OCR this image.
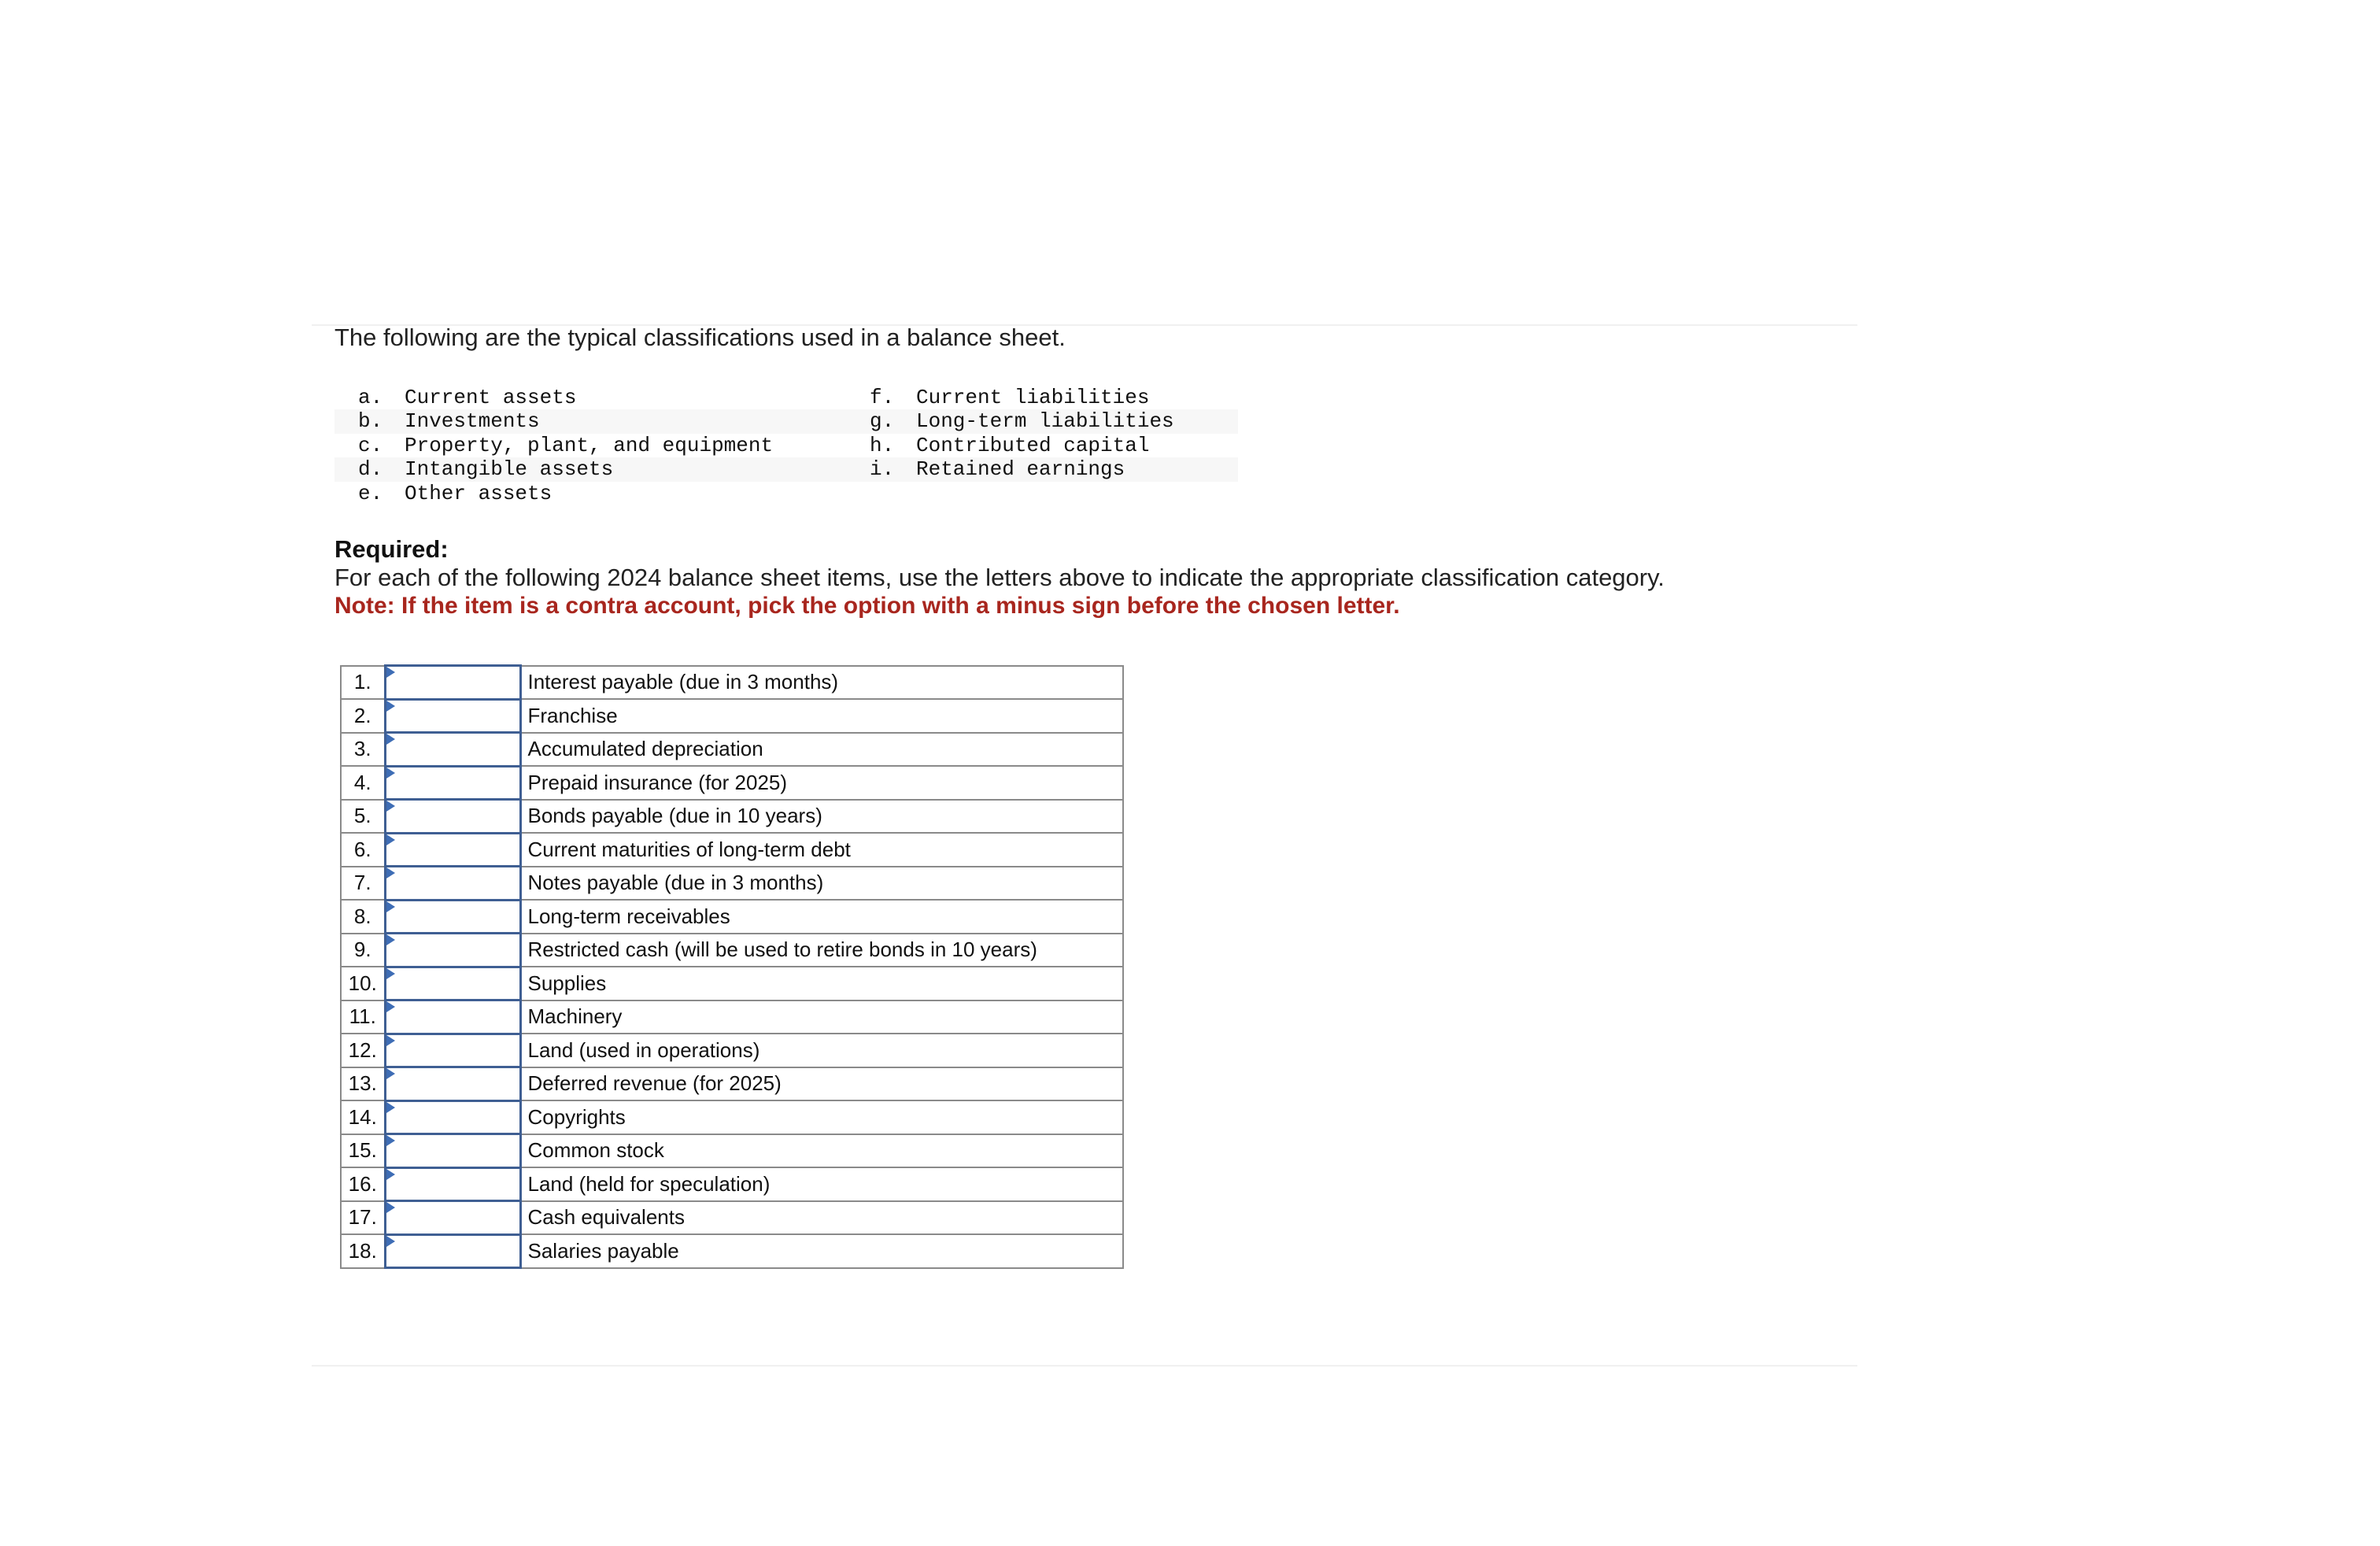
The following are the typical classifications used in a balance sheet.
a. Current assets	f. Current liabilities
b. Investments	g. Long-term liabilities
c. Property, plant, and equipment	h. Contributed capital
d. Intangible assets	i. Retained earnings
e. Other assets
Required:
For each of the following 2024 balance sheet items, use the letters above to indicate the appropriate classification category.
Note: If the item is a contra account, pick the option with a minus sign before the chosen letter.
1.		Interest payable (due in 3 months)
2.		Franchise
3.		Accumulated depreciation
4.		Prepaid insurance (for 2025)
5.		Bonds payable (due in 10 years)
6.		Current maturities of long-term debt
7.		Notes payable (due in 3 months)
8.		Long-term receivables
9.		Restricted cash (will be used to retire bonds in 10 years)
10.		Supplies
11.		Machinery
12.		Land (used in operations)
13.		Deferred revenue (for 2025)
14.		Copyrights
15.		Common stock
16.		Land (held for speculation)
17.		Cash equivalents
18.		Salaries payable
